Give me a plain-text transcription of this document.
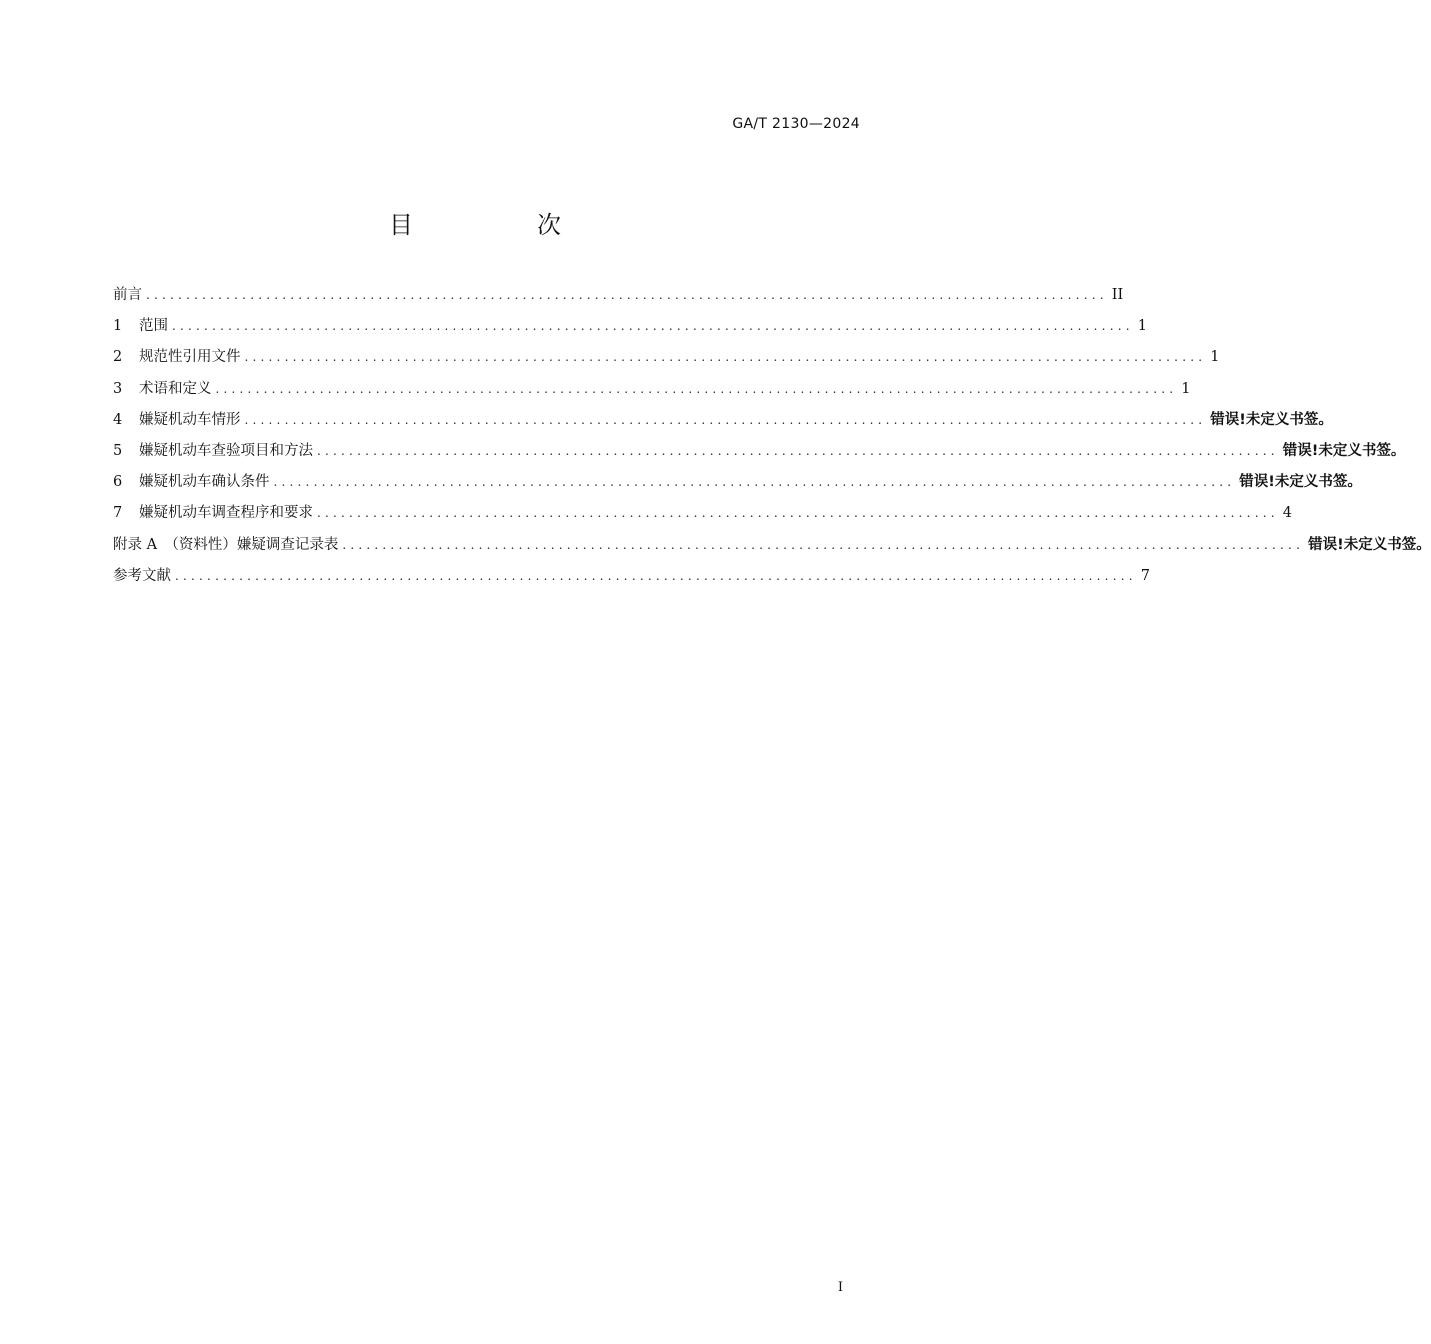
GA/T 2130—2024
目　次
前言 ........................................................................................................................ II
1	范围 ........................................................................................................................ 1
2	规范性引用文件 ........................................................................................................................ 1
3	术语和定义 ........................................................................................................................ 1
4	嫌疑机动车情形 ........................................................................................................................ 错误!未定义书签。
5	嫌疑机动车查验项目和方法 ........................................................................................................................ 错误!未定义书签。
6	嫌疑机动车确认条件 ........................................................................................................................ 错误!未定义书签。
7	嫌疑机动车调查程序和要求 ........................................................................................................................ 4
附录 A　（资料性）嫌疑调查记录表 ........................................................................................................................ 错误!未定义书签。
参考文献 ........................................................................................................................ 7
I
